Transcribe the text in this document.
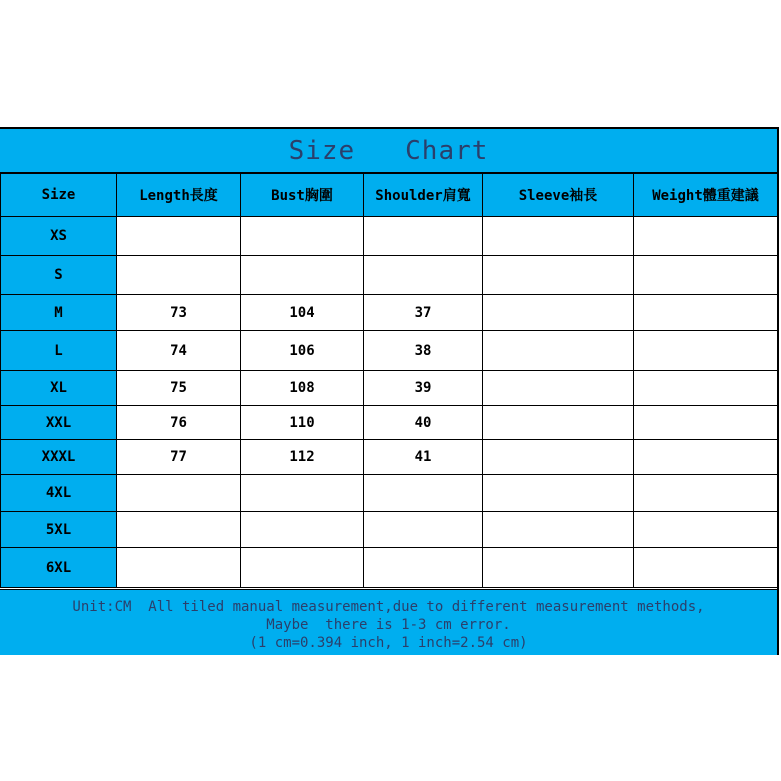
Size   Chart
Size	Length長度	Bust胸圍	Shoulder肩寬	Sleeve袖長	Weight體重建議
XS					
S					
M	73	104	37		
L	74	106	38		
XL	75	108	39		
XXL	76	110	40		
XXXL	77	112	41		
4XL					
5XL					
6XL					
Unit:CM  All tiled manual measurement,due to different measurement methods,
Maybe  there is 1-3 cm error.
(1 cm=0.394 inch, 1 inch=2.54 cm)
